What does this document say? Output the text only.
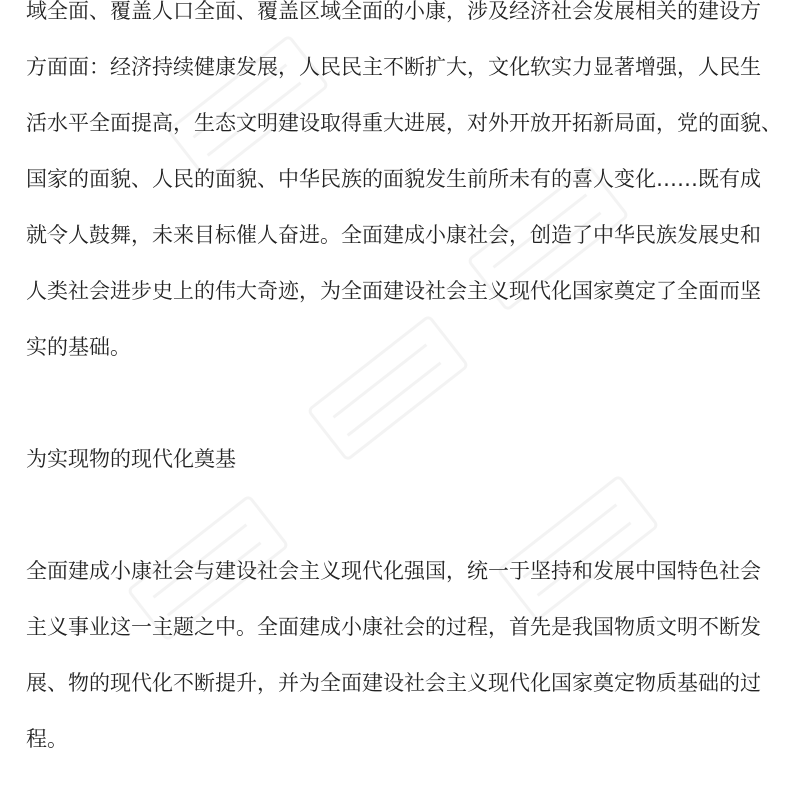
域全面、覆盖人口全面、覆盖区域全面的小康，涉及经济社会发展相关的建设方
方面面：经济持续健康发展，人民民主不断扩大，文化软实力显著增强，人民生
活水平全面提高，生态文明建设取得重大进展，对外开放开拓新局面，党的面貌、
国家的面貌、人民的面貌、中华民族的面貌发生前所未有的喜人变化……既有成
就令人鼓舞，未来目标催人奋进。全面建成小康社会，创造了中华民族发展史和
人类社会进步史上的伟大奇迹，为全面建设社会主义现代化国家奠定了全面而坚
实的基础。
为实现物的现代化奠基
全面建成小康社会与建设社会主义现代化强国，统一于坚持和发展中国特色社会
主义事业这一主题之中。全面建成小康社会的过程，首先是我国物质文明不断发
展、物的现代化不断提升，并为全面建设社会主义现代化国家奠定物质基础的过
程。
